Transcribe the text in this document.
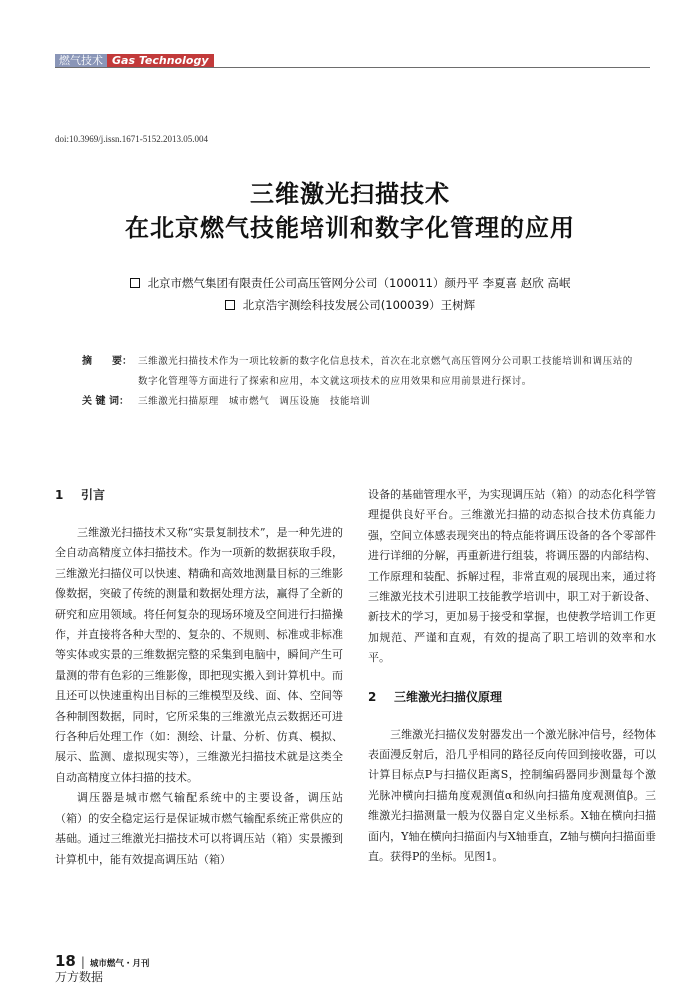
燃气技术 Gas Technology
doi:10.3969/j.issn.1671-5152.2013.05.004
三维激光扫描技术
在北京燃气技能培训和数字化管理的应用
北京市燃气集团有限责任公司高压管网分公司（100011）颜丹平 李夏喜 赵欣 高岷
北京浩宇测绘科技发展公司(100039）王树辉
摘　　要： 三维激光扫描技术作为一项比较新的数字化信息技术，首次在北京燃气高压管网分公司职工技能培训和调压站的数字化管理等方面进行了探索和应用，本文就这项技术的应用效果和应用前景进行探讨。
关 键 词： 三维激光扫描原理　城市燃气　调压设施　技能培训
1 引言

三维激光扫描技术又称“实景复制技术”，是一种先进的全自动高精度立体扫描技术。作为一项新的数据获取手段，三维激光扫描仪可以快速、精确和高效地测量目标的三维影像数据，突破了传统的测量和数据处理方法，赢得了全新的研究和应用领域。将任何复杂的现场环境及空间进行扫描操作，并直接将各种大型的、复杂的、不规则、标准或非标准等实体或实景的三维数据完整的采集到电脑中，瞬间产生可量测的带有色彩的三维影像，即把现实搬入到计算机中。而且还可以快速重构出目标的三维模型及线、面、体、空间等各种制图数据，同时，它所采集的三维激光点云数据还可进行各种后处理工作（如：测绘、计量、分析、仿真、模拟、展示、监测、虚拟现实等），三维激光扫描技术就是这类全自动高精度立体扫描的技术。

调压器是城市燃气输配系统中的主要设备，调压站（箱）的安全稳定运行是保证城市燃气输配系统正常供应的基础。通过三维激光扫描技术可以将调压站（箱）实景搬到计算机中，能有效提高调压站（箱）

设备的基础管理水平，为实现调压站（箱）的动态化科学管理提供良好平台。三维激光扫描的动态拟合技术仿真能力强，空间立体感表现突出的特点能将调压设备的各个零部件进行详细的分解，再重新进行组装，将调压器的内部结构、工作原理和装配、拆解过程，非常直观的展现出来，通过将三维激光技术引进职工技能教学培训中，职工对于新设备、新技术的学习，更加易于接受和掌握，也使教学培训工作更加规范、严谨和直观，有效的提高了职工培训的效率和水平。

2 三维激光扫描仪原理

三维激光扫描仪发射器发出一个激光脉冲信号，经物体表面漫反射后，沿几乎相同的路径反向传回到接收器，可以计算目标点P与扫描仪距离S，控制编码器同步测量每个激光脉冲横向扫描角度观测值α和纵向扫描角度观测值β。三维激光扫描测量一般为仪器自定义坐标系。X轴在横向扫描面内，Y轴在横向扫描面内与X轴垂直，Z轴与横向扫描面垂直。获得P的坐标。见图1。

18 | 城市燃气・月刊
万方数据
